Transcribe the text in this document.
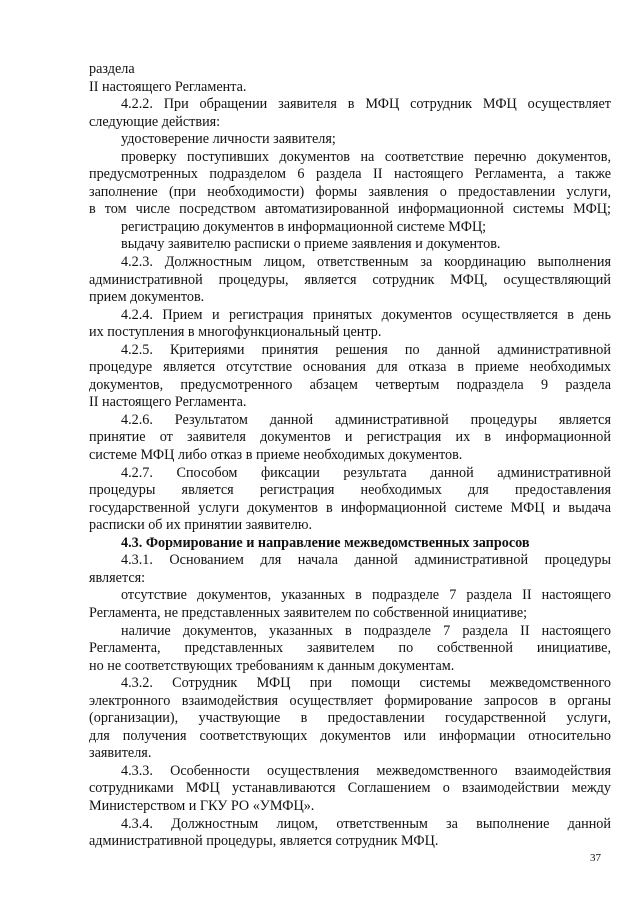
раздела
II настоящего Регламента.
4.2.2. При обращении заявителя в МФЦ сотрудник МФЦ осуществляет
следующие действия:
удостоверение личности заявителя;
проверку поступивших документов на соответствие перечню документов,
предусмотренных подразделом 6 раздела II настоящего Регламента, а также
заполнение (при необходимости) формы заявления о предоставлении услуги,
в том числе посредством автоматизированной информационной системы МФЦ;
регистрацию документов в информационной системе МФЦ;
выдачу заявителю расписки о приеме заявления и документов.
4.2.3. Должностным лицом, ответственным за координацию выполнения
административной процедуры, является сотрудник МФЦ, осуществляющий
прием документов.
4.2.4. Прием и регистрация принятых документов осуществляется в день
их поступления в многофункциональный центр.
4.2.5. Критериями принятия решения по данной административной
процедуре является отсутствие основания для отказа в приеме необходимых
документов, предусмотренного абзацем четвертым подраздела 9 раздела
II настоящего Регламента.
4.2.6. Результатом данной административной процедуры является
принятие от заявителя документов и регистрация их в информационной
системе МФЦ либо отказ в приеме необходимых документов.
4.2.7. Способом фиксации результата данной административной
процедуры является регистрация необходимых для предоставления
государственной услуги документов в информационной системе МФЦ и выдача
расписки об их принятии заявителю.
4.3. Формирование и направление межведомственных запросов
4.3.1. Основанием для начала данной административной процедуры
является:
отсутствие документов, указанных в подразделе 7 раздела II настоящего
Регламента, не представленных заявителем по собственной инициативе;
наличие документов, указанных в подразделе 7 раздела II настоящего
Регламента, представленных заявителем по собственной инициативе,
но не соответствующих требованиям к данным документам.
4.3.2. Сотрудник МФЦ при помощи системы межведомственного
электронного взаимодействия осуществляет формирование запросов в органы
(организации), участвующие в предоставлении государственной услуги,
для получения соответствующих документов или информации относительно
заявителя.
4.3.3. Особенности осуществления межведомственного взаимодействия
сотрудниками МФЦ устанавливаются Соглашением о взаимодействии между
Министерством и ГКУ РО «УМФЦ».
4.3.4. Должностным лицом, ответственным за выполнение данной
административной процедуры, является сотрудник МФЦ.
37
